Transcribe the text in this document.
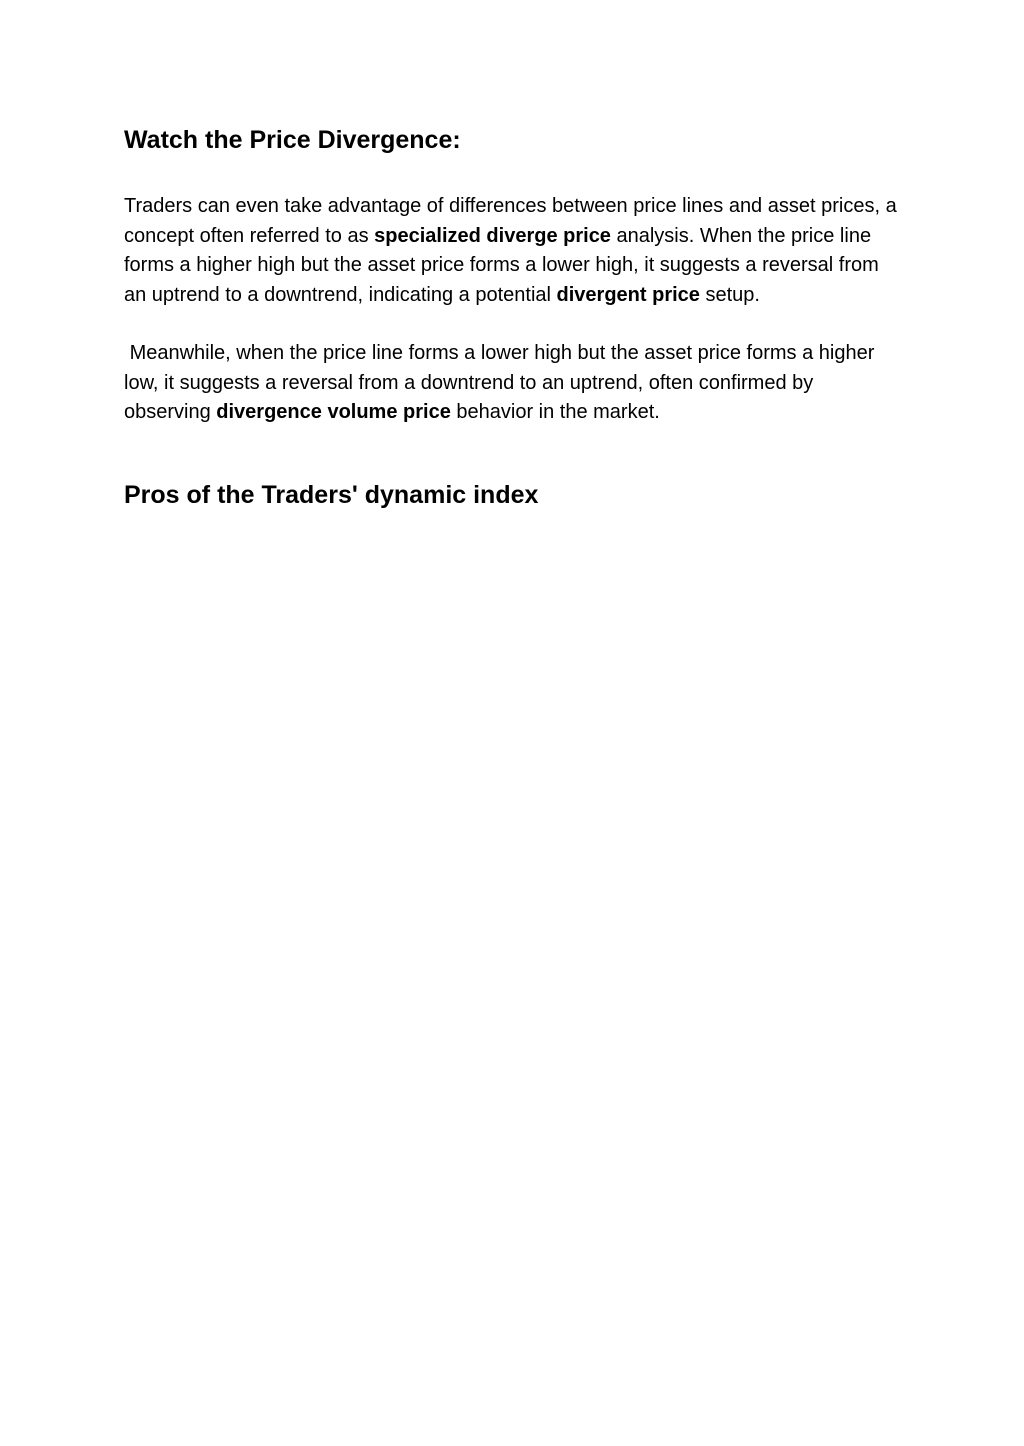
Watch the Price Divergence:

Traders can even take advantage of differences between price lines and asset prices, a concept often referred to as specialized diverge price analysis. When the price line forms a higher high but the asset price forms a lower high, it suggests a reversal from an uptrend to a downtrend, indicating a potential divergent price setup.

Meanwhile, when the price line forms a lower high but the asset price forms a higher low, it suggests a reversal from a downtrend to an uptrend, often confirmed by observing divergence volume price behavior in the market.

Pros of the Traders' dynamic index
